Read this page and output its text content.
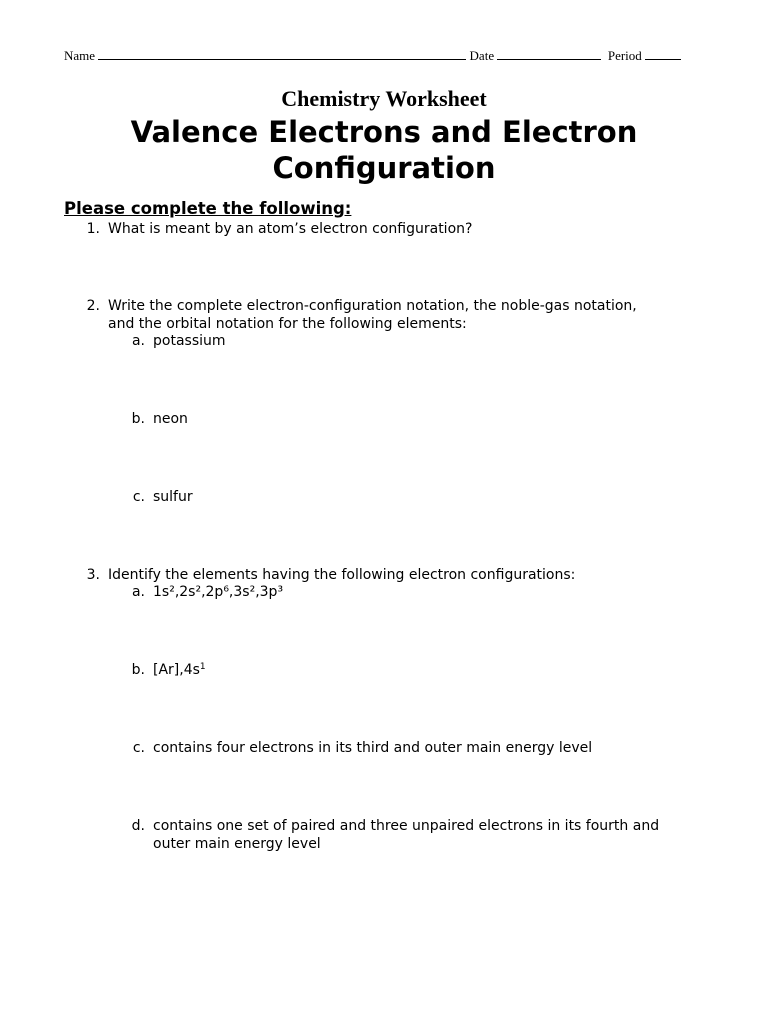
Name	Date	Period
Chemistry Worksheet
Valence Electrons and Electron
Configuration
Please complete the following:
1. What is meant by an atom’s electron configuration?
2. Write the complete electron-configuration notation, the noble-gas notation,
and the orbital notation for the following elements:
a. potassium
b. neon
c. sulfur
3. Identify the elements having the following electron configurations:
a. 1s²,2s²,2p⁶,3s²,3p³
b. $[Ar],4s^1$
c. contains four electrons in its third and outer main energy level
d. contains one set of paired and three unpaired electrons in its fourth and
outer main energy level
